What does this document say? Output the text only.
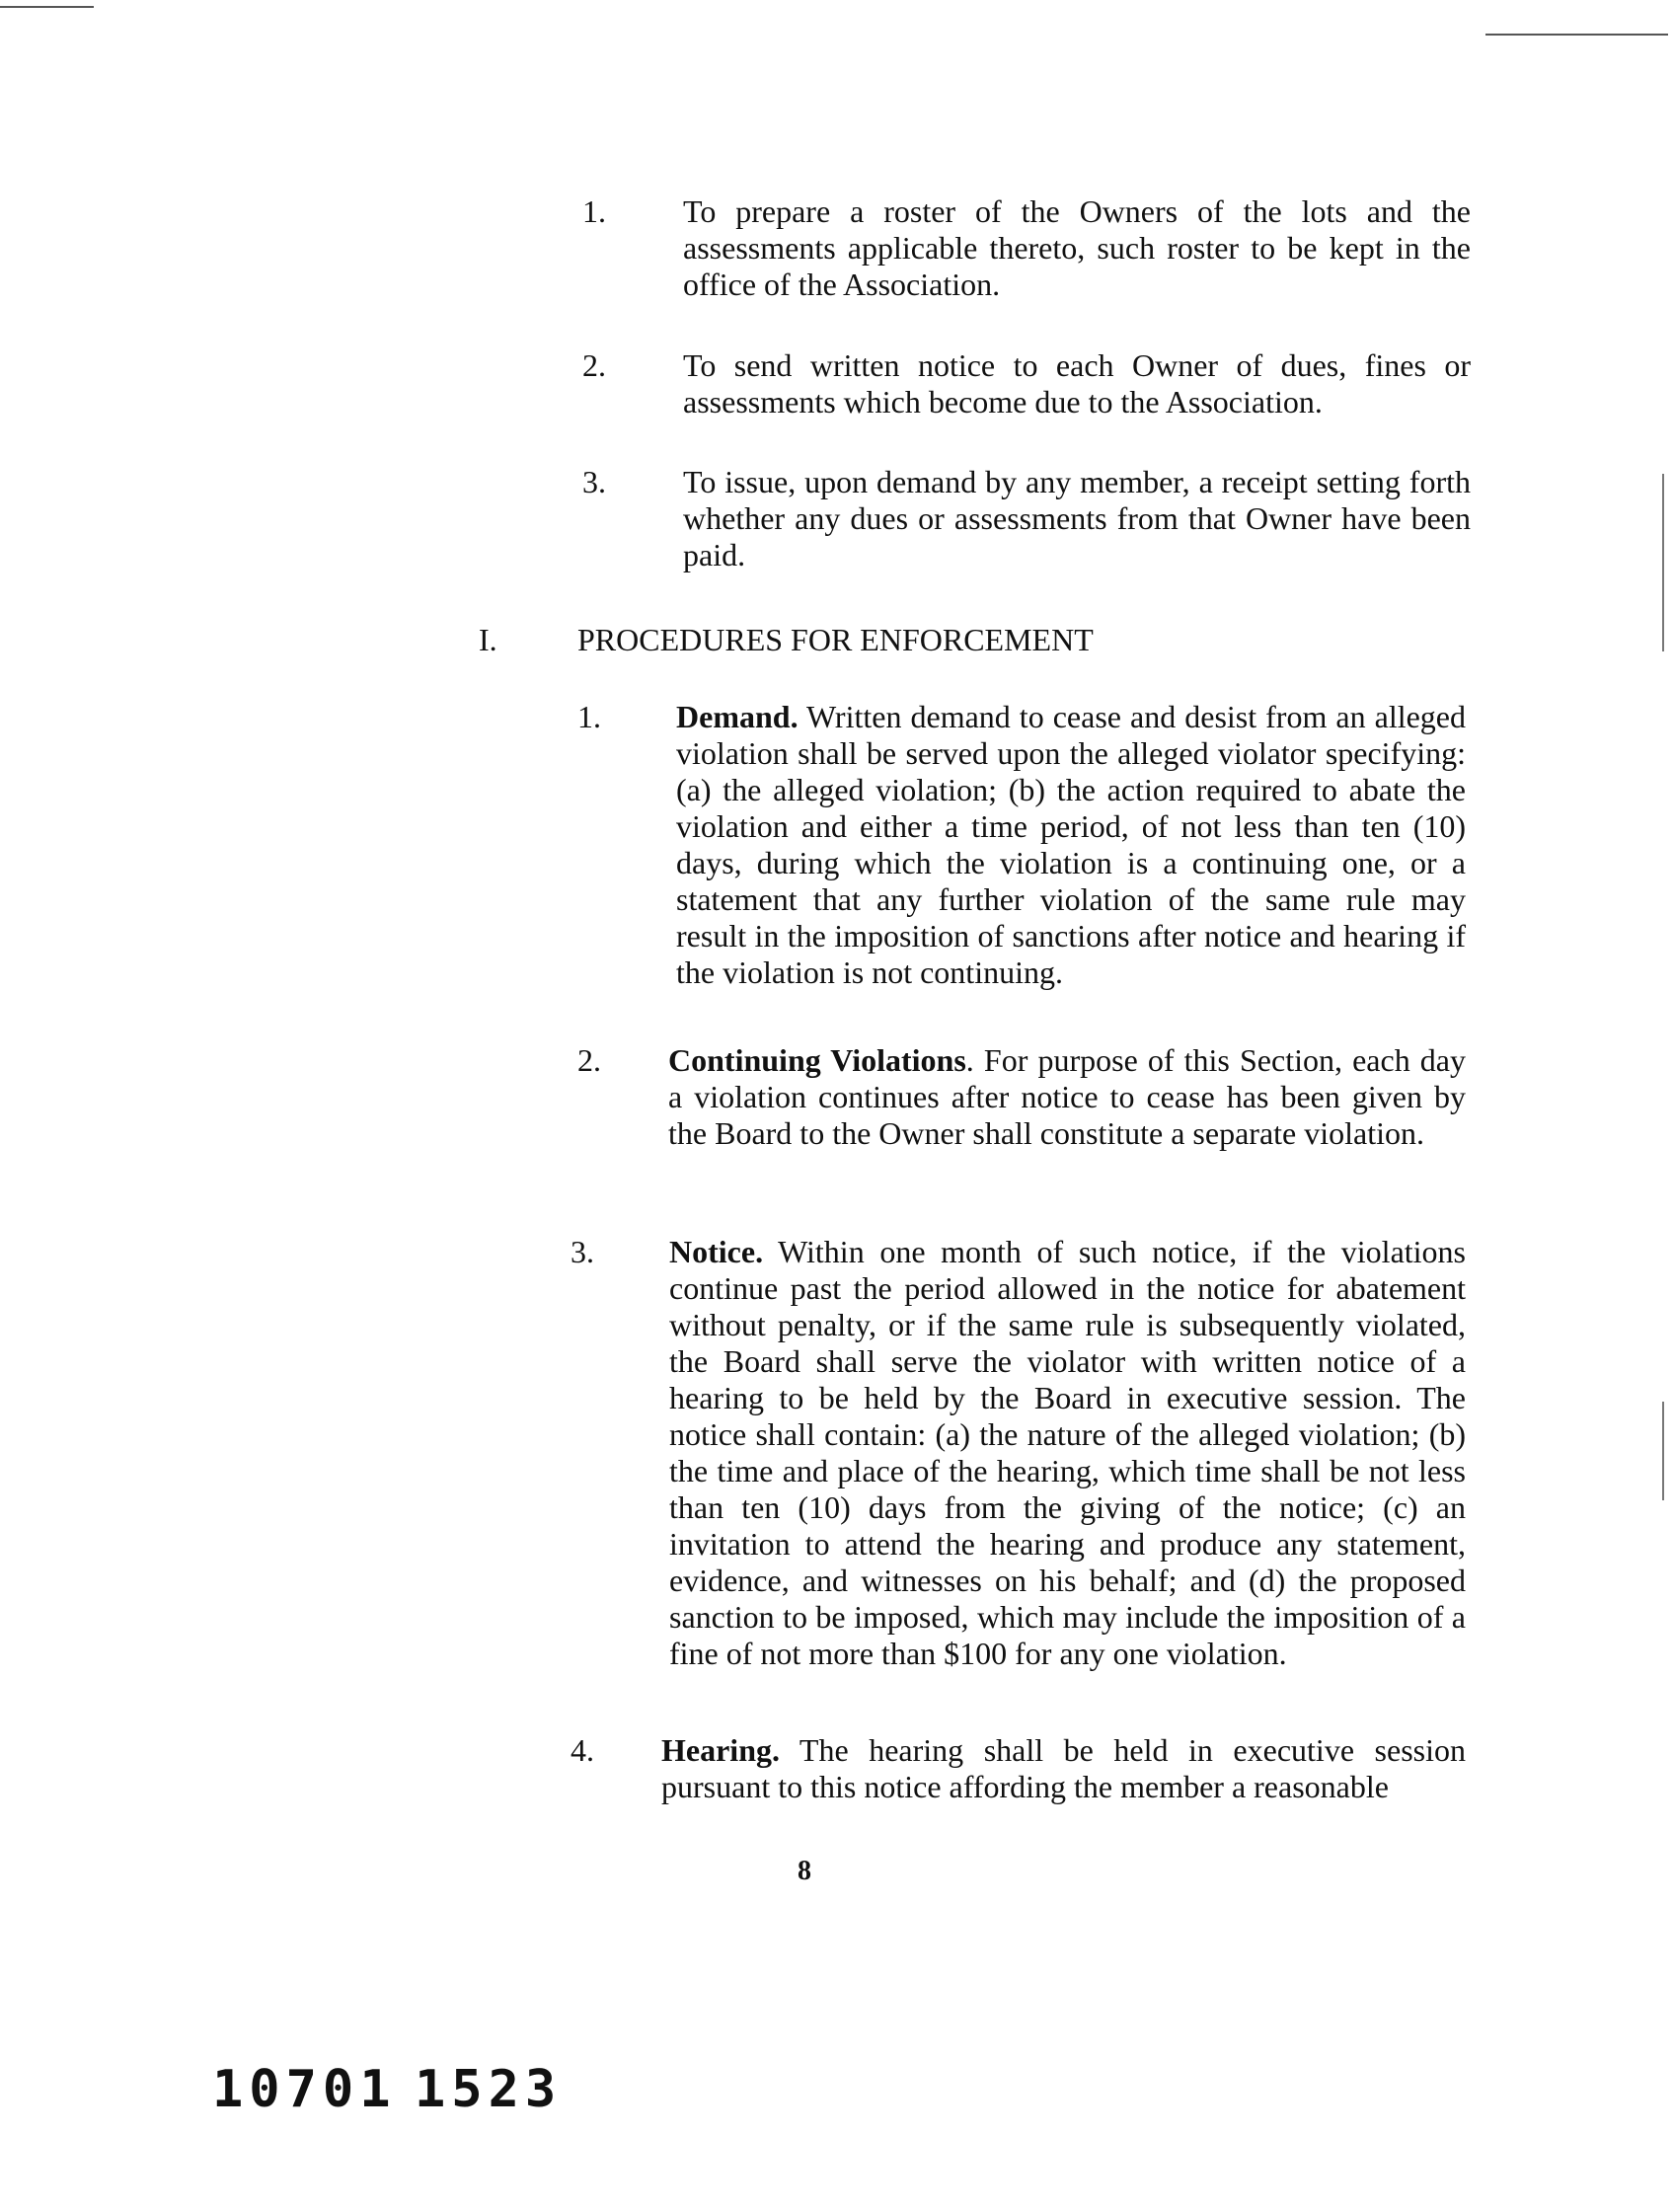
1. To prepare a roster of the Owners of the lots and the assessments applicable thereto, such roster to be kept in the office of the Association.
2. To send written notice to each Owner of dues, fines or assessments which become due to the Association.
3. To issue, upon demand by any member, a receipt setting forth whether any dues or assessments from that Owner have been paid.
I.	PROCEDURES FOR ENFORCEMENT
1. Demand. Written demand to cease and desist from an alleged violation shall be served upon the alleged violator specifying: (a) the alleged violation; (b) the action required to abate the violation and either a time period, of not less than ten (10) days, during which the violation is a continuing one, or a statement that any further violation of the same rule may result in the imposition of sanctions after notice and hearing if the violation is not continuing.
2. Continuing Violations. For purpose of this Section, each day a violation continues after notice to cease has been given by the Board to the Owner shall constitute a separate violation.
3. Notice. Within one month of such notice, if the violations continue past the period allowed in the notice for abatement without penalty, or if the same rule is subsequently violated, the Board shall serve the violator with written notice of a hearing to be held by the Board in executive session. The notice shall contain: (a) the nature of the alleged violation; (b) the time and place of the hearing, which time shall be not less than ten (10) days from the giving of the notice; (c) an invitation to attend the hearing and produce any statement, evidence, and witnesses on his behalf; and (d) the proposed sanction to be imposed, which may include the imposition of a fine of not more than $100 for any one violation.
4. Hearing. The hearing shall be held in executive session pursuant to this notice affording the member a reasonable
8
10701 1523
